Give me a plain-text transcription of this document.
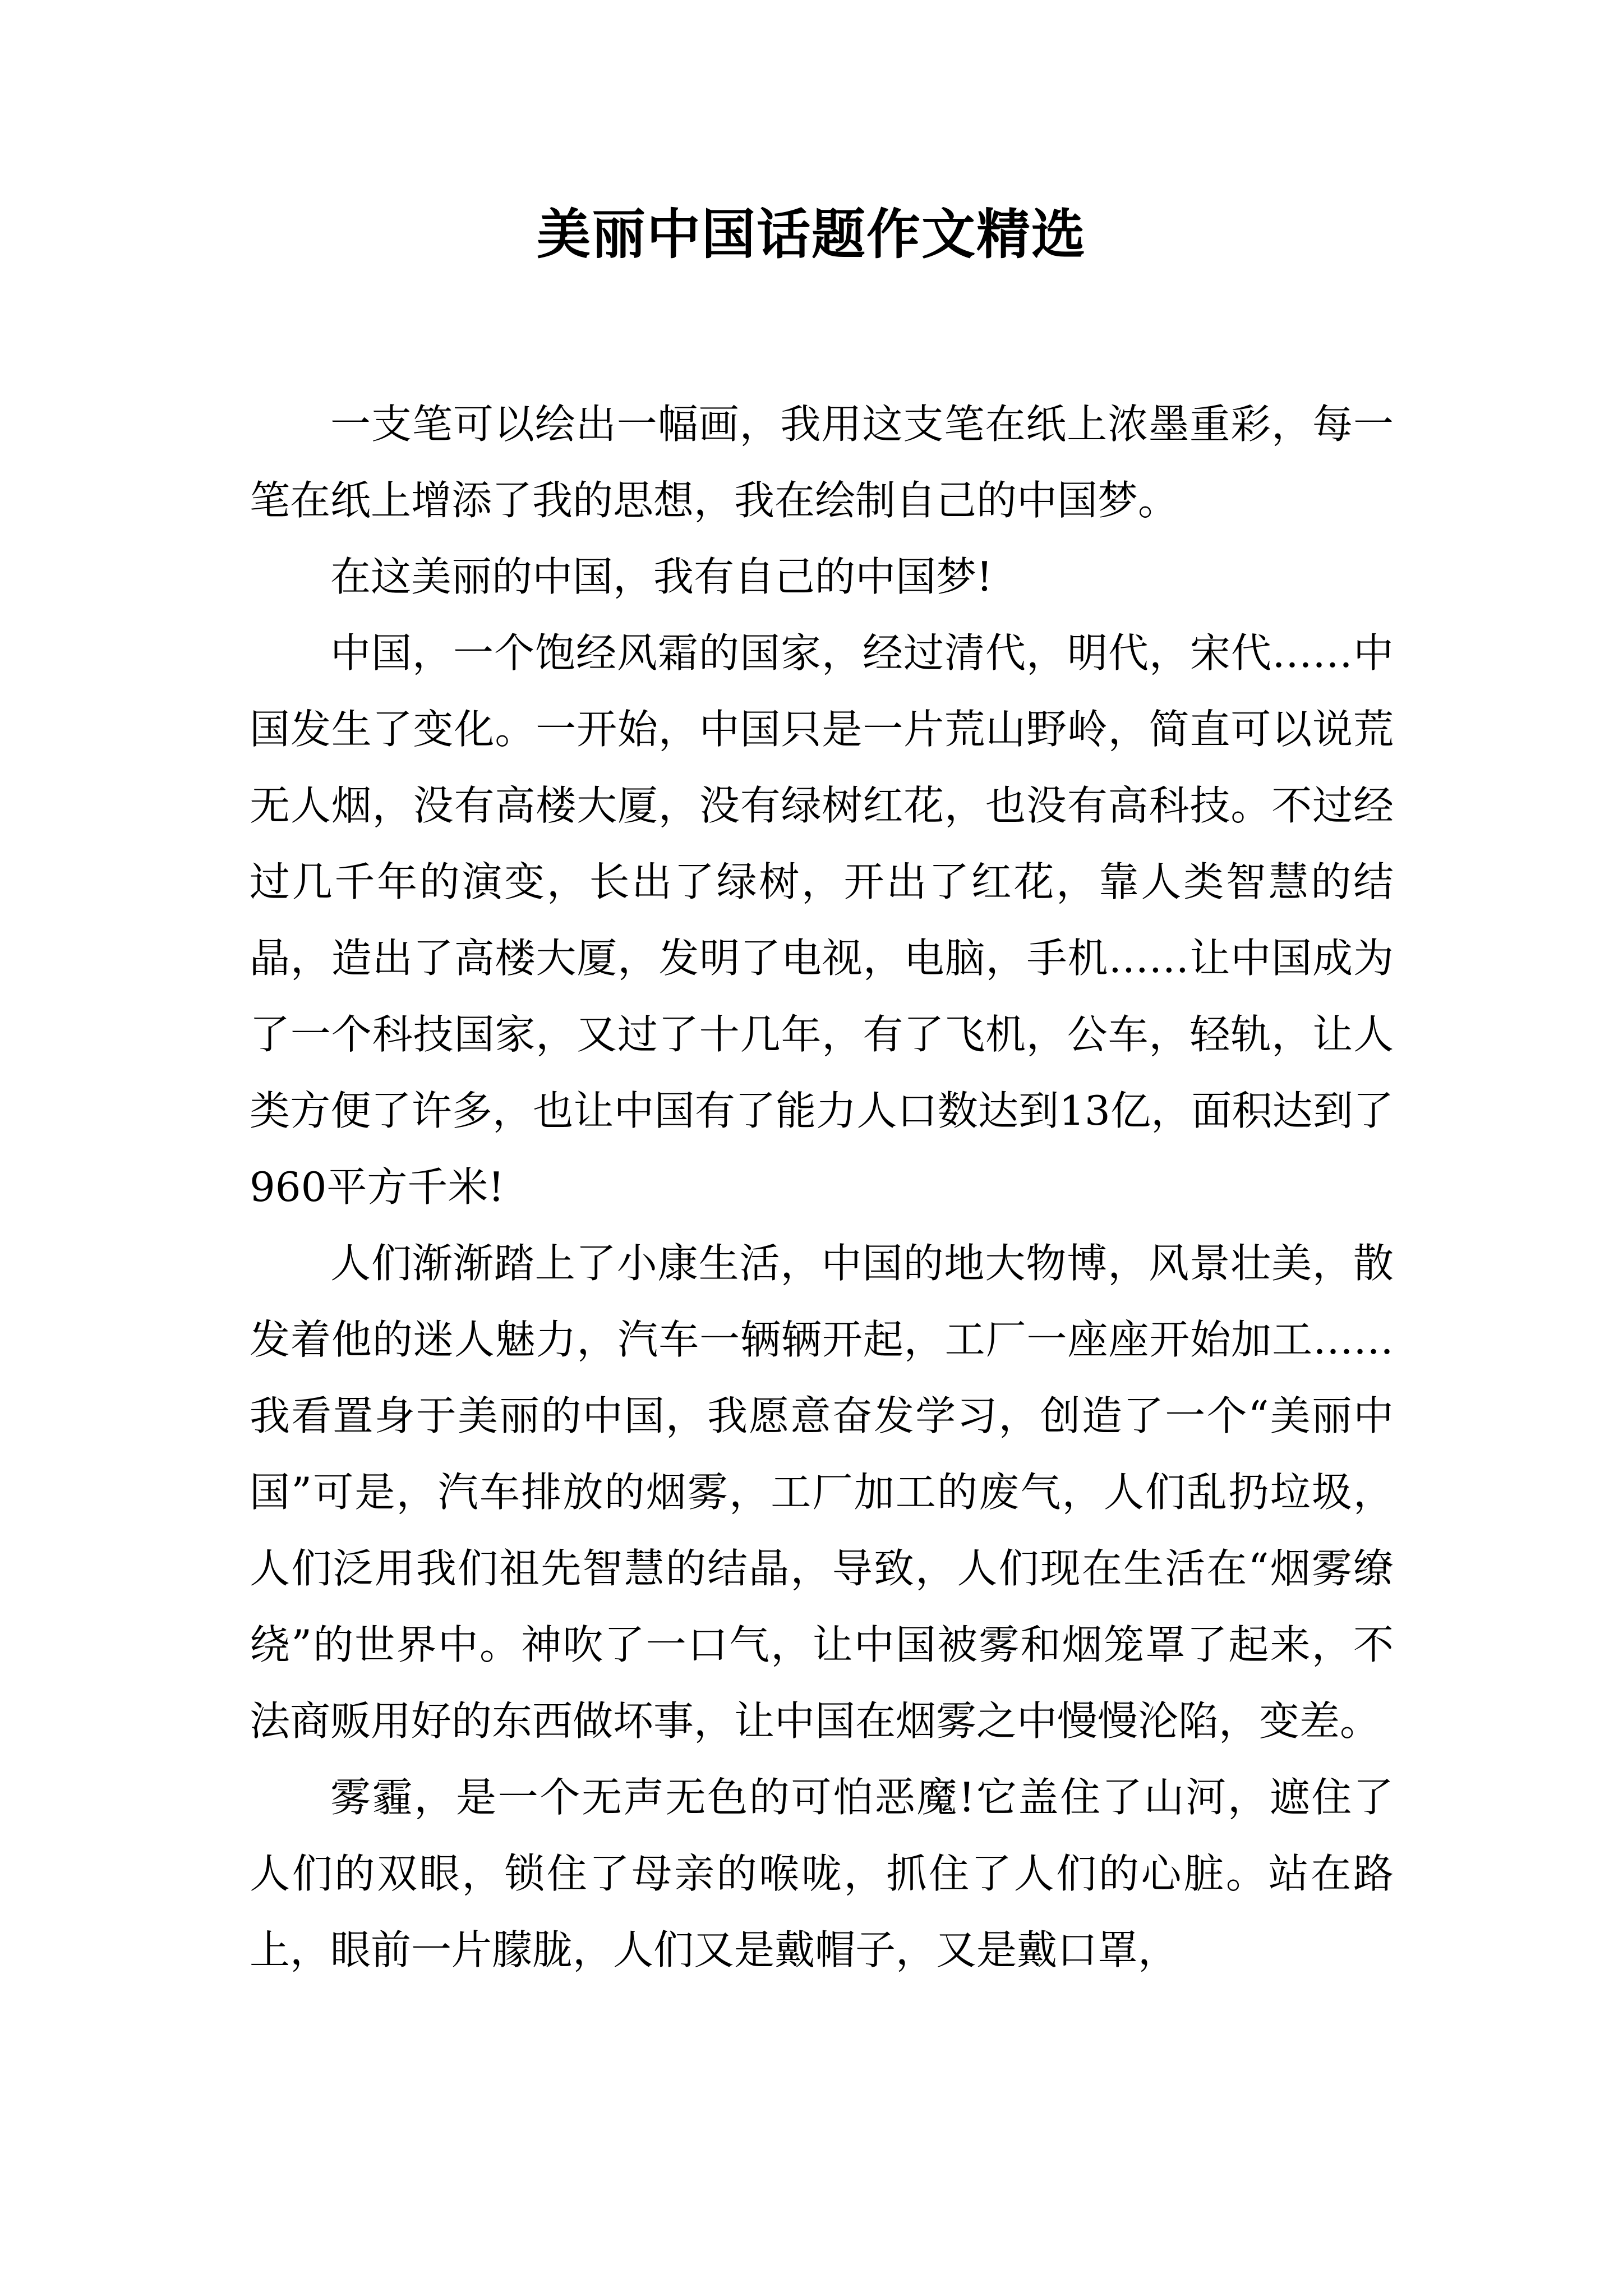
美丽中国话题作文精选

一支笔可以绘出一幅画，我用这支笔在纸上浓墨重彩，每一笔在纸上增添了我的思想，我在绘制自己的中国梦。

在这美丽的中国，我有自己的中国梦!

中国，一个饱经风霜的国家，经过清代，明代，宋代……中国发生了变化。一开始，中国只是一片荒山野岭，简直可以说荒无人烟，没有高楼大厦，没有绿树红花，也没有高科技。不过经过几千年的演变，长出了绿树，开出了红花，靠人类智慧的结晶，造出了高楼大厦，发明了电视，电脑，手机……让中国成为了一个科技国家，又过了十几年，有了飞机，公车，轻轨，让人类方便了许多，也让中国有了能力人口数达到13亿，面积达到了960平方千米!

人们渐渐踏上了小康生活，中国的地大物博，风景壮美，散发着他的迷人魅力，汽车一辆辆开起，工厂一座座开始加工……我看置身于美丽的中国，我愿意奋发学习，创造了一个“美丽中国”可是，汽车排放的烟雾，工厂加工的废气，人们乱扔垃圾，人们泛用我们祖先智慧的结晶，导致，人们现在生活在“烟雾缭绕”的世界中。神吹了一口气，让中国被雾和烟笼罩了起来，不法商贩用好的东西做坏事，让中国在烟雾之中慢慢沦陷，变差。

雾霾，是一个无声无色的可怕恶魔!它盖住了山河，遮住了人们的双眼，锁住了母亲的喉咙，抓住了人们的心脏。站在路上，眼前一片朦胧，人们又是戴帽子，又是戴口罩，
